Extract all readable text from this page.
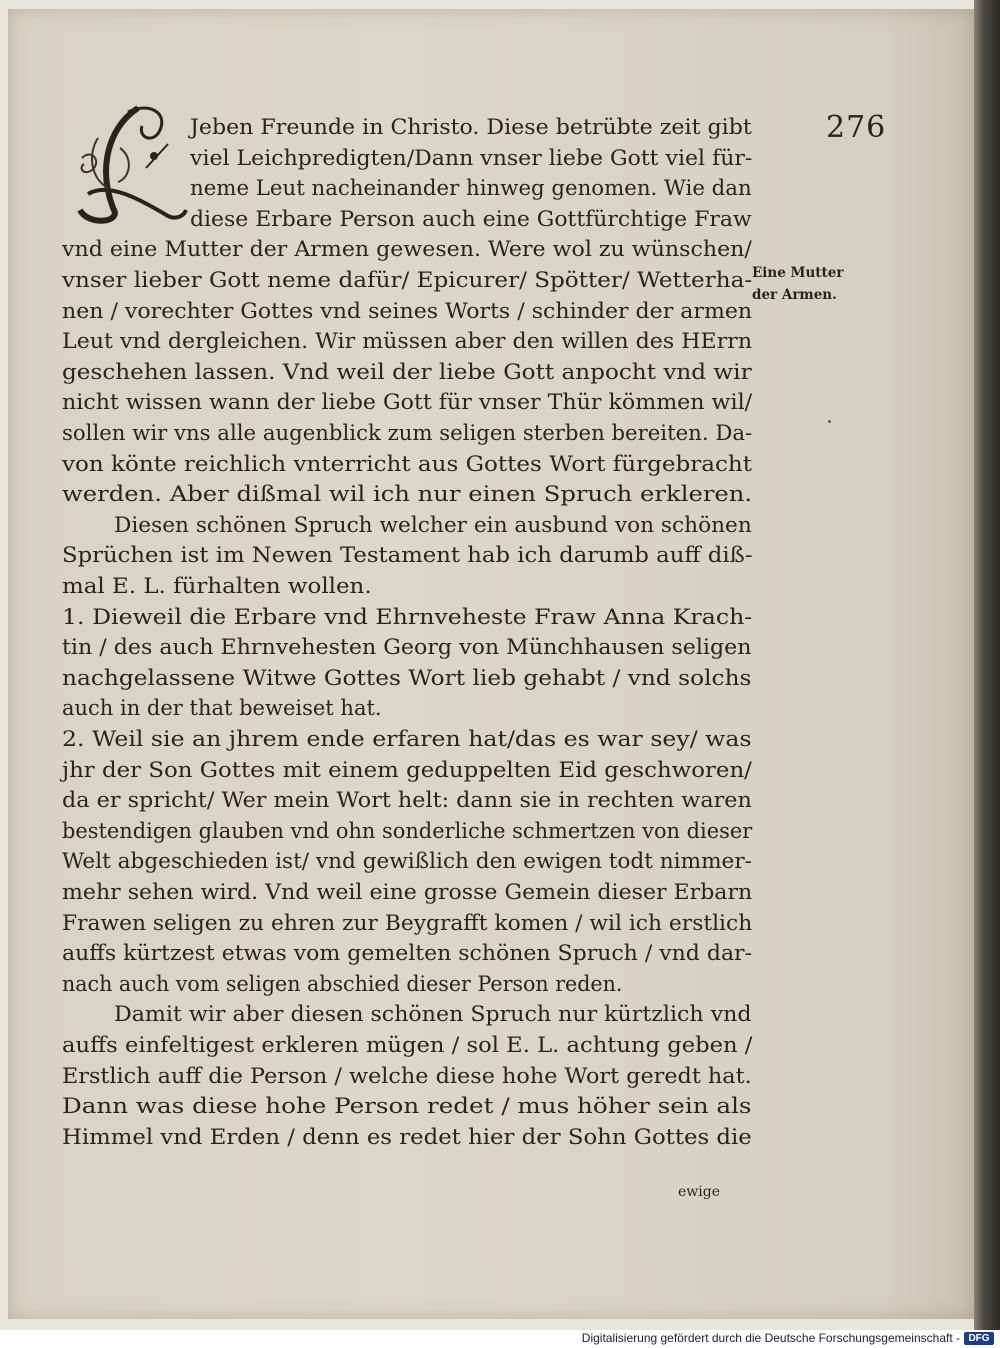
276
Jeben Freunde in Christo. Diese betrübte zeit gibt
viel Leichpredigten/Dann vnser liebe Gott viel für-
neme Leut nacheinander hinweg genomen. Wie dan
diese Erbare Person auch eine Gottfürchtige Fraw
vnd eine Mutter der Armen gewesen. Were wol zu wünschen/
vnser lieber Gott neme dafür/ Epicurer/ Spötter/ Wetterha-
nen / vorechter Gottes vnd seines Worts / schinder der armen
Leut vnd dergleichen. Wir müssen aber den willen des HErrn
geschehen lassen. Vnd weil der liebe Gott anpocht vnd wir
nicht wissen wann der liebe Gott für vnser Thür kömmen wil/
sollen wir vns alle augenblick zum seligen sterben bereiten. Da-
von könte reichlich vnterricht aus Gottes Wort fürgebracht
werden. Aber dißmal wil ich nur einen Spruch erkleren.
Diesen schönen Spruch welcher ein ausbund von schönen
Sprüchen ist im Newen Testament hab ich darumb auff diß-
mal E. L. fürhalten wollen.
1. Dieweil die Erbare vnd Ehrnveheste Fraw Anna Krach-
tin / des auch Ehrnvehesten Georg von Münchhausen seligen
nachgelassene Witwe Gottes Wort lieb gehabt / vnd solchs
auch in der that beweiset hat.
2. Weil sie an jhrem ende erfaren hat/das es war sey/ was
jhr der Son Gottes mit einem geduppelten Eid geschworen/
da er spricht/ Wer mein Wort helt: dann sie in rechten waren
bestendigen glauben vnd ohn sonderliche schmertzen von dieser
Welt abgeschieden ist/ vnd gewißlich den ewigen todt nimmer-
mehr sehen wird. Vnd weil eine grosse Gemein dieser Erbarn
Frawen seligen zu ehren zur Beygrafft komen / wil ich erstlich
auffs kürtzest etwas vom gemelten schönen Spruch / vnd dar-
nach auch vom seligen abschied dieser Person reden.
Damit wir aber diesen schönen Spruch nur kürtzlich vnd
auffs einfeltigest erkleren mügen / sol E. L. achtung geben /
Erstlich auff die Person / welche diese hohe Wort geredt hat.
Dann was diese hohe Person redet / mus höher sein als
Himmel vnd Erden / denn es redet hier der Sohn Gottes die
Eine Mutter
der Armen.
ewige
Digitalisierung gefördert durch die Deutsche Forschungsgemeinschaft - DFG
